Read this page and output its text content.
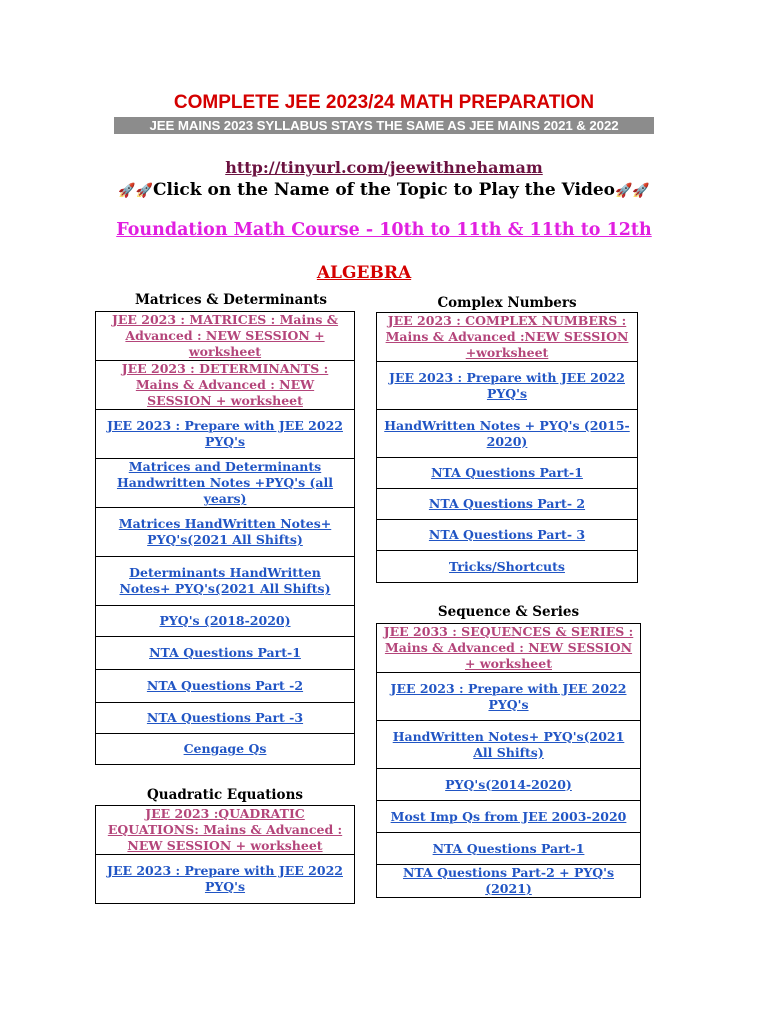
COMPLETE JEE 2023/24 MATH PREPARATION
JEE MAINS 2023 SYLLABUS STAYS THE SAME AS JEE MAINS 2021 & 2022
http://tinyurl.com/jeewithnehamam
🚀🚀Click on the Name of the Topic to Play the Video🚀🚀
Foundation Math Course - 10th to 11th & 11th to 12th
ALGEBRA
Matrices & Determinants
JEE 2023 : MATRICES : Mains & Advanced : NEW SESSION + worksheet
JEE 2023 : DETERMINANTS : Mains & Advanced : NEW SESSION + worksheet
JEE 2023 : Prepare with JEE 2022 PYQ's
Matrices and Determinants Handwritten Notes +PYQ's (all years)
Matrices HandWritten Notes+ PYQ's(2021 All Shifts)
Determinants HandWritten Notes+ PYQ's(2021 All Shifts)
PYQ's (2018-2020)
NTA Questions Part-1
NTA Questions Part -2
NTA Questions Part -3
Cengage Qs
Quadratic Equations
JEE 2023 :QUADRATIC EQUATIONS: Mains & Advanced : NEW SESSION + worksheet
JEE 2023 : Prepare with JEE 2022 PYQ's
Complex Numbers
JEE 2023 : COMPLEX NUMBERS : Mains & Advanced :NEW SESSION +worksheet
JEE 2023 : Prepare with JEE 2022 PYQ's
HandWritten Notes + PYQ's (2015-2020)
NTA Questions Part-1
NTA Questions Part- 2
NTA Questions Part- 3
Tricks/Shortcuts
Sequence & Series
JEE 2033 : SEQUENCES & SERIES : Mains & Advanced : NEW SESSION + worksheet
JEE 2023 : Prepare with JEE 2022 PYQ's
HandWritten Notes+ PYQ's(2021 All Shifts)
PYQ's(2014-2020)
Most Imp Qs from JEE 2003-2020
NTA Questions Part-1
NTA Questions Part-2 + PYQ's (2021)
